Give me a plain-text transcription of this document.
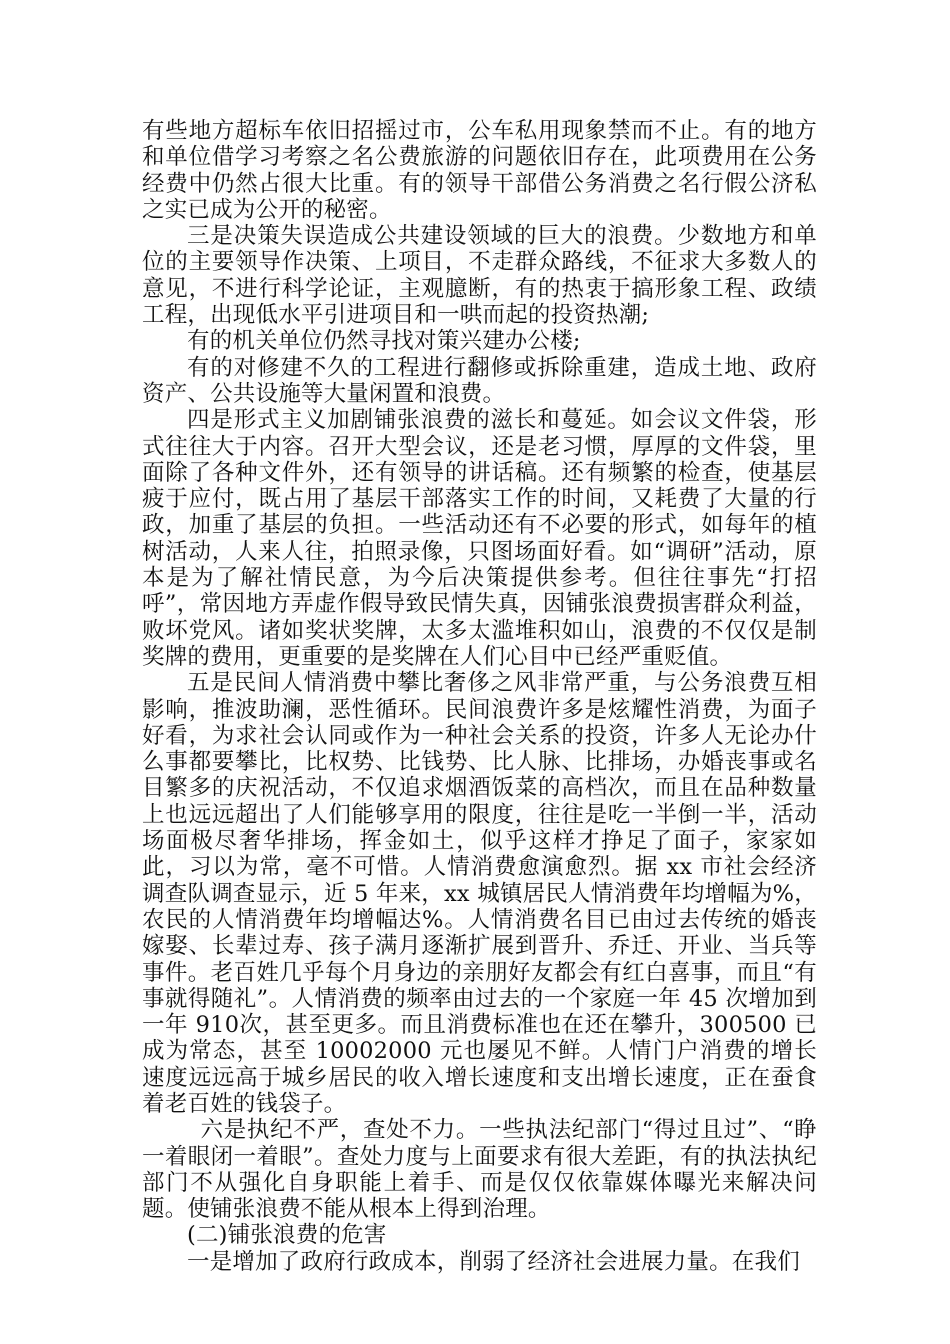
有些地方超标车依旧招摇过市，公车私用现象禁而不止。有的地方和单位借学习考察之名公费旅游的问题依旧存在，此项费用在公务经费中仍然占很大比重。有的领导干部借公务消费之名行假公济私之实已成为公开的秘密。

三是决策失误造成公共建设领域的巨大的浪费。少数地方和单位的主要领导作决策、上项目，不走群众路线，不征求大多数人的意见，不进行科学论证，主观臆断，有的热衷于搞形象工程、政绩工程，出现低水平引进项目和一哄而起的投资热潮;

有的机关单位仍然寻找对策兴建办公楼;

有的对修建不久的工程进行翻修或拆除重建，造成土地、政府资产、公共设施等大量闲置和浪费。

四是形式主义加剧铺张浪费的滋长和蔓延。如会议文件袋，形式往往大于内容。召开大型会议，还是老习惯，厚厚的文件袋，里面除了各种文件外，还有领导的讲话稿。还有频繁的检查，使基层疲于应付，既占用了基层干部落实工作的时间，又耗费了大量的行政，加重了基层的负担。一些活动还有不必要的形式，如每年的植树活动，人来人往，拍照录像，只图场面好看。如“调研”活动，原本是为了解社情民意，为今后决策提供参考。但往往事先“打招呼”，常因地方弄虚作假导致民情失真，因铺张浪费损害群众利益，败坏党风。诸如奖状奖牌，太多太滥堆积如山，浪费的不仅仅是制奖牌的费用，更重要的是奖牌在人们心目中已经严重贬值。

五是民间人情消费中攀比奢侈之风非常严重，与公务浪费互相影响，推波助澜，恶性循环。民间浪费许多是炫耀性消费，为面子好看，为求社会认同或作为一种社会关系的投资，许多人无论办什么事都要攀比，比权势、比钱势、比人脉、比排场，办婚丧事或名目繁多的庆祝活动，不仅追求烟酒饭菜的高档次，而且在品种数量上也远远超出了人们能够享用的限度，往往是吃一半倒一半，活动场面极尽奢华排场，挥金如土，似乎这样才挣足了面子，家家如此，习以为常，毫不可惜。人情消费愈演愈烈。据 xx 市社会经济调查队调查显示，近 5 年来，xx 城镇居民人情消费年均增幅为%，农民的人情消费年均增幅达%。人情消费名目已由过去传统的婚丧嫁娶、长辈过寿、孩子满月逐渐扩展到晋升、乔迁、开业、当兵等事件。老百姓几乎每个月身边的亲朋好友都会有红白喜事，而且“有事就得随礼”。人情消费的频率由过去的一个家庭一年 45 次增加到一年 910次，甚至更多。而且消费标准也在还在攀升，300500 已成为常态，甚至 10002000 元也屡见不鲜。人情门户消费的增长速度远远高于城乡居民的收入增长速度和支出增长速度，正在蚕食着老百姓的钱袋子。

六是执纪不严，查处不力。一些执法纪部门“得过且过”、“睁一着眼闭一着眼”。查处力度与上面要求有很大差距，有的执法执纪部门不从强化自身职能上着手、而是仅仅依靠媒体曝光来解决问题。使铺张浪费不能从根本上得到治理。

(二)铺张浪费的危害

一是增加了政府行政成本，削弱了经济社会进展力量。在我们
